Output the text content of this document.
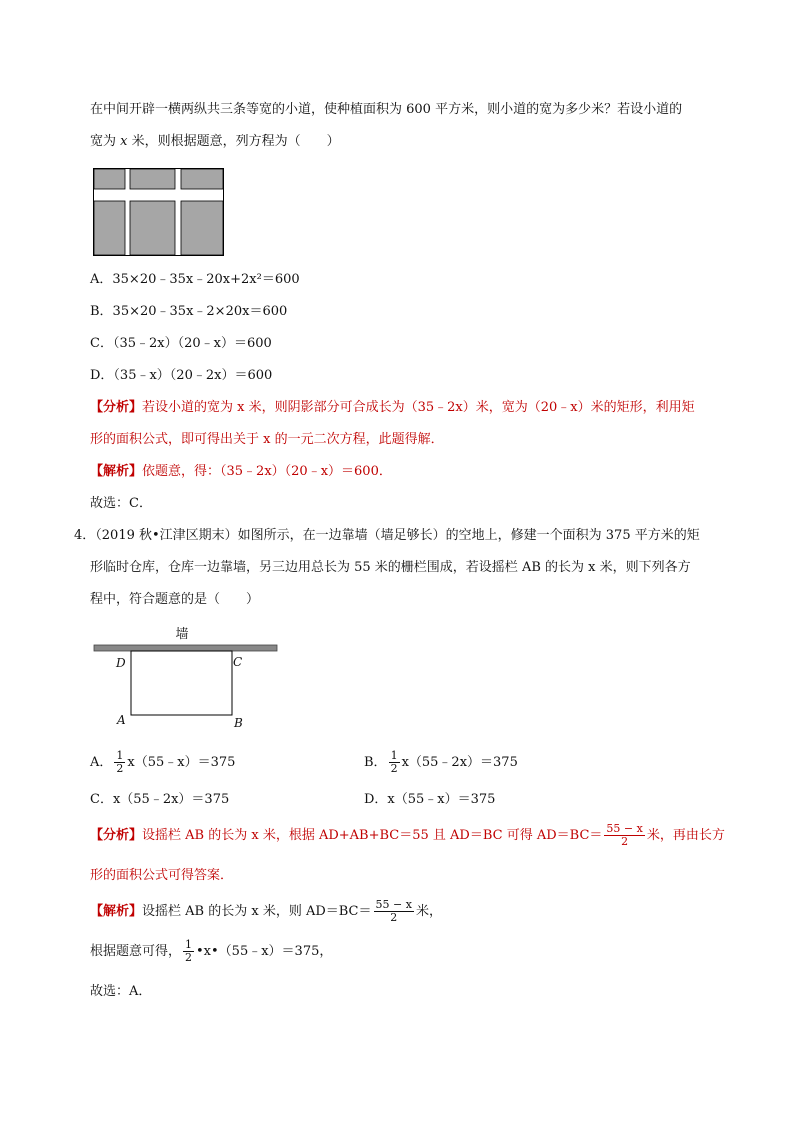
在中间开辟一横两纵共三条等宽的小道，使种植面积为 600 平方米，则小道的宽为多少米？若设小道的
宽为 x 米，则根据题意，列方程为（　　）
A．35×20﹣35x﹣20x+2x²＝600
B．35×20﹣35x﹣2×20x＝600
C．（35﹣2x）（20﹣x）＝600
D．（35﹣x）（20﹣2x）＝600
【分析】若设小道的宽为 x 米，则阴影部分可合成长为（35﹣2x）米，宽为（20﹣x）米的矩形，利用矩
形的面积公式，即可得出关于 x 的一元二次方程，此题得解．
【解析】依题意，得：（35﹣2x）（20﹣x）＝600．
故选：C．
4．（2019 秋•江津区期末）如图所示，在一边靠墙（墙足够长）的空地上，修建一个面积为 375 平方米的矩
形临时仓库，仓库一边靠墙，另三边用总长为 55 米的栅栏围成，若设摇栏 AB 的长为 x 米，则下列各方
程中，符合题意的是（　　）
墙
D	C
A	B
A． $\frac{1}{2}$ x（55﹣x）＝375	B． $\frac{1}{2}$ x（55﹣2x）＝375
C．x（55﹣2x）＝375	D．x（55﹣x）＝375
【分析】设摇栏 AB 的长为 x 米，根据 AD+AB+BC＝55 且 AD＝BC 可得 $AD=BC= \frac{55 - x}{2}$ 米，再由长方
形的面积公式可得答案．
【解析】设摇栏 AB 的长为 x 米，则 $AD=BC= \frac{55 - x}{2}$ 米，
根据题意可得， $\frac{1}{2}$ •x•（55﹣x）＝375，
故选：A．
